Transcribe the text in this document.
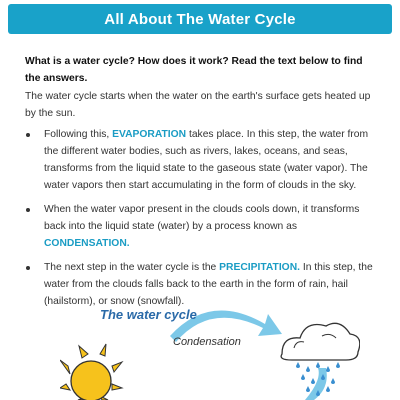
All About The Water Cycle

What is a water cycle? How does it work? Read the text below to find the answers.

The water cycle starts when the water on the earth's surface gets heated up by the sun.

Following this, EVAPORATION takes place. In this step, the water from the different water bodies, such as rivers, lakes, oceans, and seas, transforms from the liquid state to the gaseous state (water vapor). The water vapors then start accumulating in the form of clouds in the sky.
When the water vapor present in the clouds cools down, it transforms back into the liquid state (water) by a process known as CONDENSATION.
The next step in the water cycle is the PRECIPITATION. In this step, the water from the clouds falls back to the earth in the form of rain, hail (hailstorm), or snow (snowfall).
The water cycle
Condensation
